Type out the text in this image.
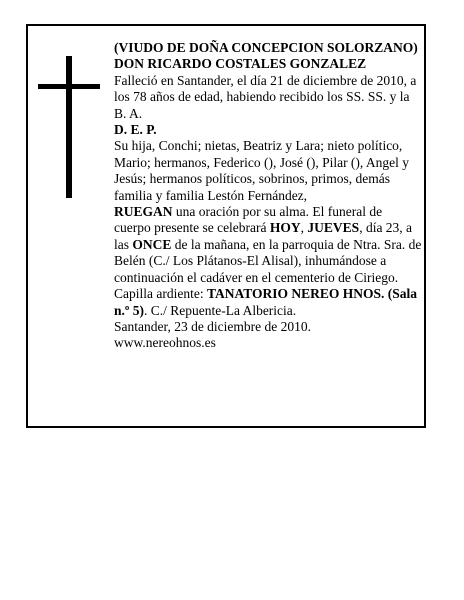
(VIUDO DE DOÑA CONCEPCION SOLORZANO)

DON RICARDO COSTALES GONZALEZ

Falleció en Santander, el día 21 de diciembre de 2010, a los 78 años de edad, habiendo recibido los SS. SS. y la B. A.

D. E. P.

Su hija, Conchi; nietas, Beatriz y Lara; nieto político, Mario; hermanos, Federico (), José (), Pilar (), Angel y Jesús; hermanos políticos, sobrinos, primos, demás familia y familia Lestón Fernández,

RUEGAN una oración por su alma. El funeral de cuerpo presente se celebrará HOY, JUEVES, día 23, a las ONCE de la mañana, en la parroquia de Ntra. Sra. de Belén (C./ Los Plátanos-El Alisal), inhumándose a continuación el cadáver en el cementerio de Ciriego.

Capilla ardiente: TANATORIO NEREO HNOS. (Sala n.º 5). C./ Repuente-La Albericia.

Santander, 23 de diciembre de 2010.

www.nereohnos.es
